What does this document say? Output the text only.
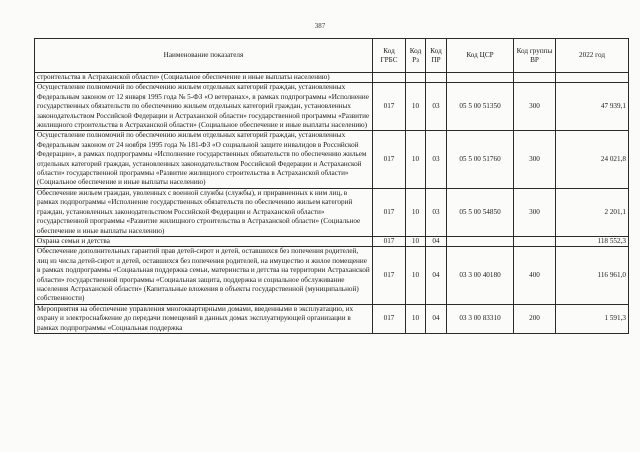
387
Наименование показателя	Код ГРБС	Код Рз	Код ПР	Код ЦСР	Код группы ВР	2022 год
строительства в Астраханской области» (Социальное обеспечение и иные выплаты населению)						
Осуществление полномочий по обеспечению жильем отдельных категорий граждан, установленных Федеральным законом от 12 января 1995 года № 5-ФЗ «О ветеранах», в рамках подпрограммы «Исполнение государственных обязательств по обеспечению жильем отдельных категорий граждан, установленных законодательством Российской Федерации и Астраханской области» государственной программы «Развитие жилищного строительства в Астраханской области» (Социальное обеспечение и иные выплаты населению)	017	10	03	05 5 00 51350	300	47 939,1
Осуществление полномочий по обеспечению жильем отдельных категорий граждан, установленных Федеральным законом от 24 ноября 1995 года № 181-ФЗ «О социальной защите инвалидов в Российской Федерации», в рамках подпрограммы «Исполнение государственных обязательств по обеспечению жильем отдельных категорий граждан, установленных законодательством Российской Федерации и Астраханской области» государственной программы «Развитие жилищного строительства в Астраханской области» (Социальное обеспечение и иные выплаты населению)	017	10	03	05 5 00 51760	300	24 021,8
Обеспечение жильем граждан, уволенных с военной службы (службы), и приравненных к ним лиц, в рамках подпрограммы «Исполнение государственных обязательств по обеспечению жильем категорий граждан, установленных законодательством Российской Федерации и Астраханской области» государственной программы «Развитие жилищного строительства в Астраханской области» (Социальное обеспечение и иные выплаты населению)	017	10	03	05 5 00 54850	300	2 201,1
Охрана семьи и детства	017	10	04			118 552,3
Обеспечение дополнительных гарантий прав детей-сирот и детей, оставшихся без попечения родителей, лиц из числа детей-сирот и детей, оставшихся без попечения родителей, на имущество и жилое помещение в рамках подпрограммы «Социальная поддержка семьи, материнства и детства на территории Астраханской области» государственной программы «Социальная защита, поддержка и социальное обслуживание населения Астраханской области» (Капитальные вложения в объекты государственной (муниципальной) собственности)	017	10	04	03 3 00 40180	400	116 961,0
Мероприятия на обеспечение управления многоквартирными домами, введенными в эксплуатацию, их охрану и электроснабжение до передачи помещений в данных домах эксплуатирующей организации в рамках подпрограммы «Социальная поддержка	017	10	04	03 3 00 83310	200	1 591,3
